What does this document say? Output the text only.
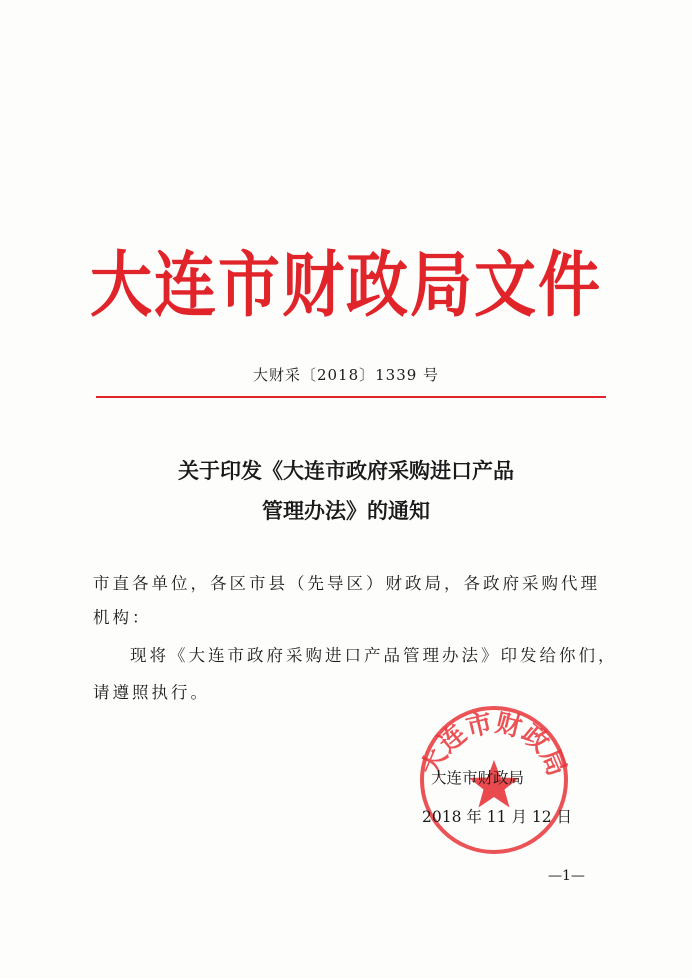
大连市财政局文件
大财采〔2018〕1339 号
关于印发《大连市政府采购进口产品
管理办法》的通知
市直各单位，各区市县（先导区）财政局，各政府采购代理
机构：
现将《大连市政府采购进口产品管理办法》印发给你们，
请遵照执行。
大连市财政局
大连市财政局
2018 年 11 月 12 日
—1—
